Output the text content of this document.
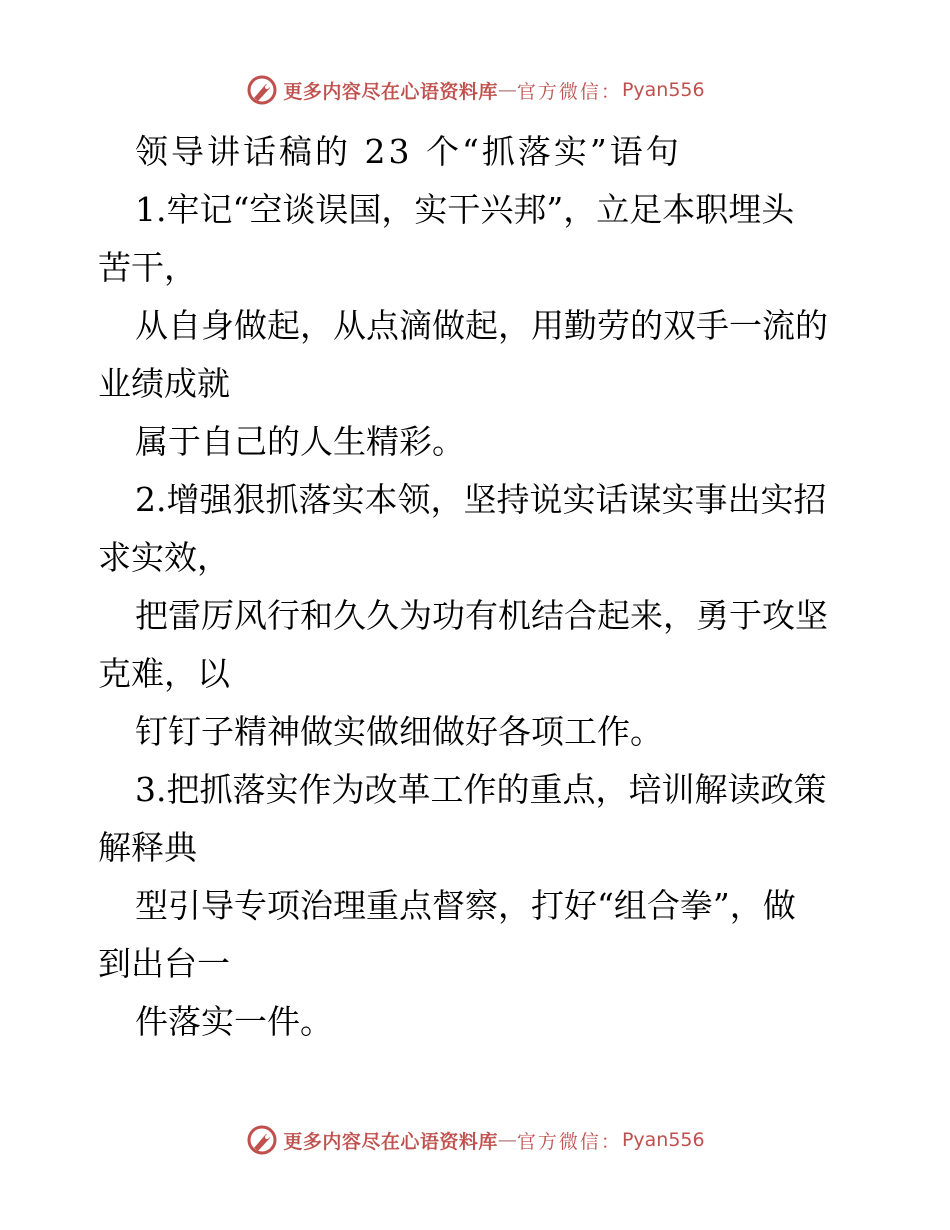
更多内容尽在心语资料库 — 官方微信： Pyan556
领导讲话稿的 23 个“抓落实”语句
1.牢记“空谈误国，实干兴邦”，立足本职埋头
苦干，
从自身做起，从点滴做起，用勤劳的双手一流的
业绩成就
属于自己的人生精彩。
2.增强狠抓落实本领，坚持说实话谋实事出实招
求实效，
把雷厉风行和久久为功有机结合起来，勇于攻坚
克难，以
钉钉子精神做实做细做好各项工作。
3.把抓落实作为改革工作的重点，培训解读政策
解释典
型引导专项治理重点督察，打好“组合拳”，做
到出台一
件落实一件。
更多内容尽在心语资料库 — 官方微信： Pyan556
